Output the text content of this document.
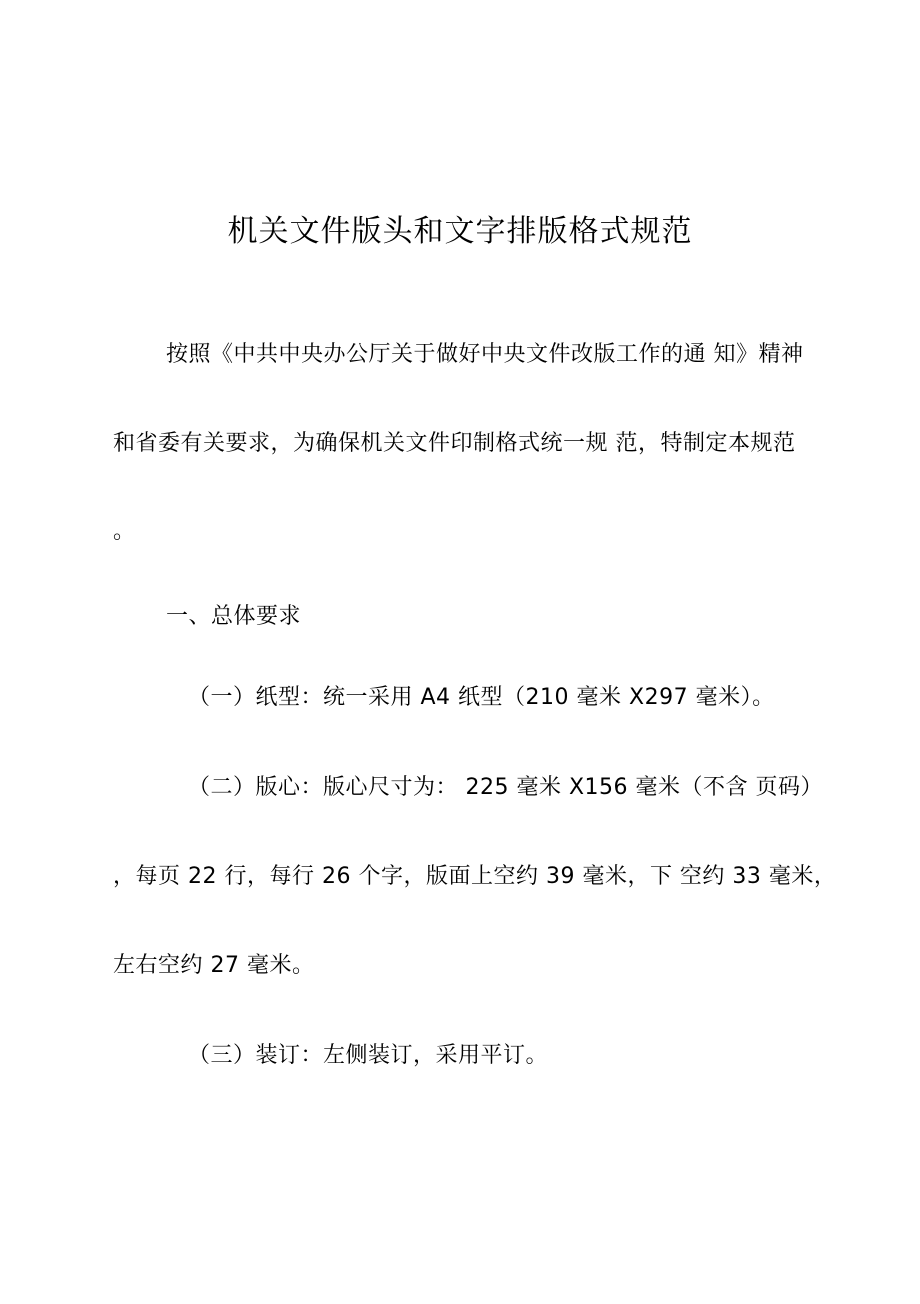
机关文件版头和文字排版格式规范
按照《中共中央办公厅关于做好中央文件改版工作的通 知》精神
和省委有关要求，为确保机关文件印制格式统一规 范，特制定本规范
。
一、总体要求
（一）纸型：统一采用 A4 纸型（210 毫米 X297 毫米）。
（二）版心：版心尺寸为： 225 毫米 X156 毫米（不含 页码）
，每页 22 行，每行 26 个字，版面上空约 39 毫米，下 空约 33 毫米，
左右空约 27 毫米。
（三）装订：左侧装订，采用平订。
